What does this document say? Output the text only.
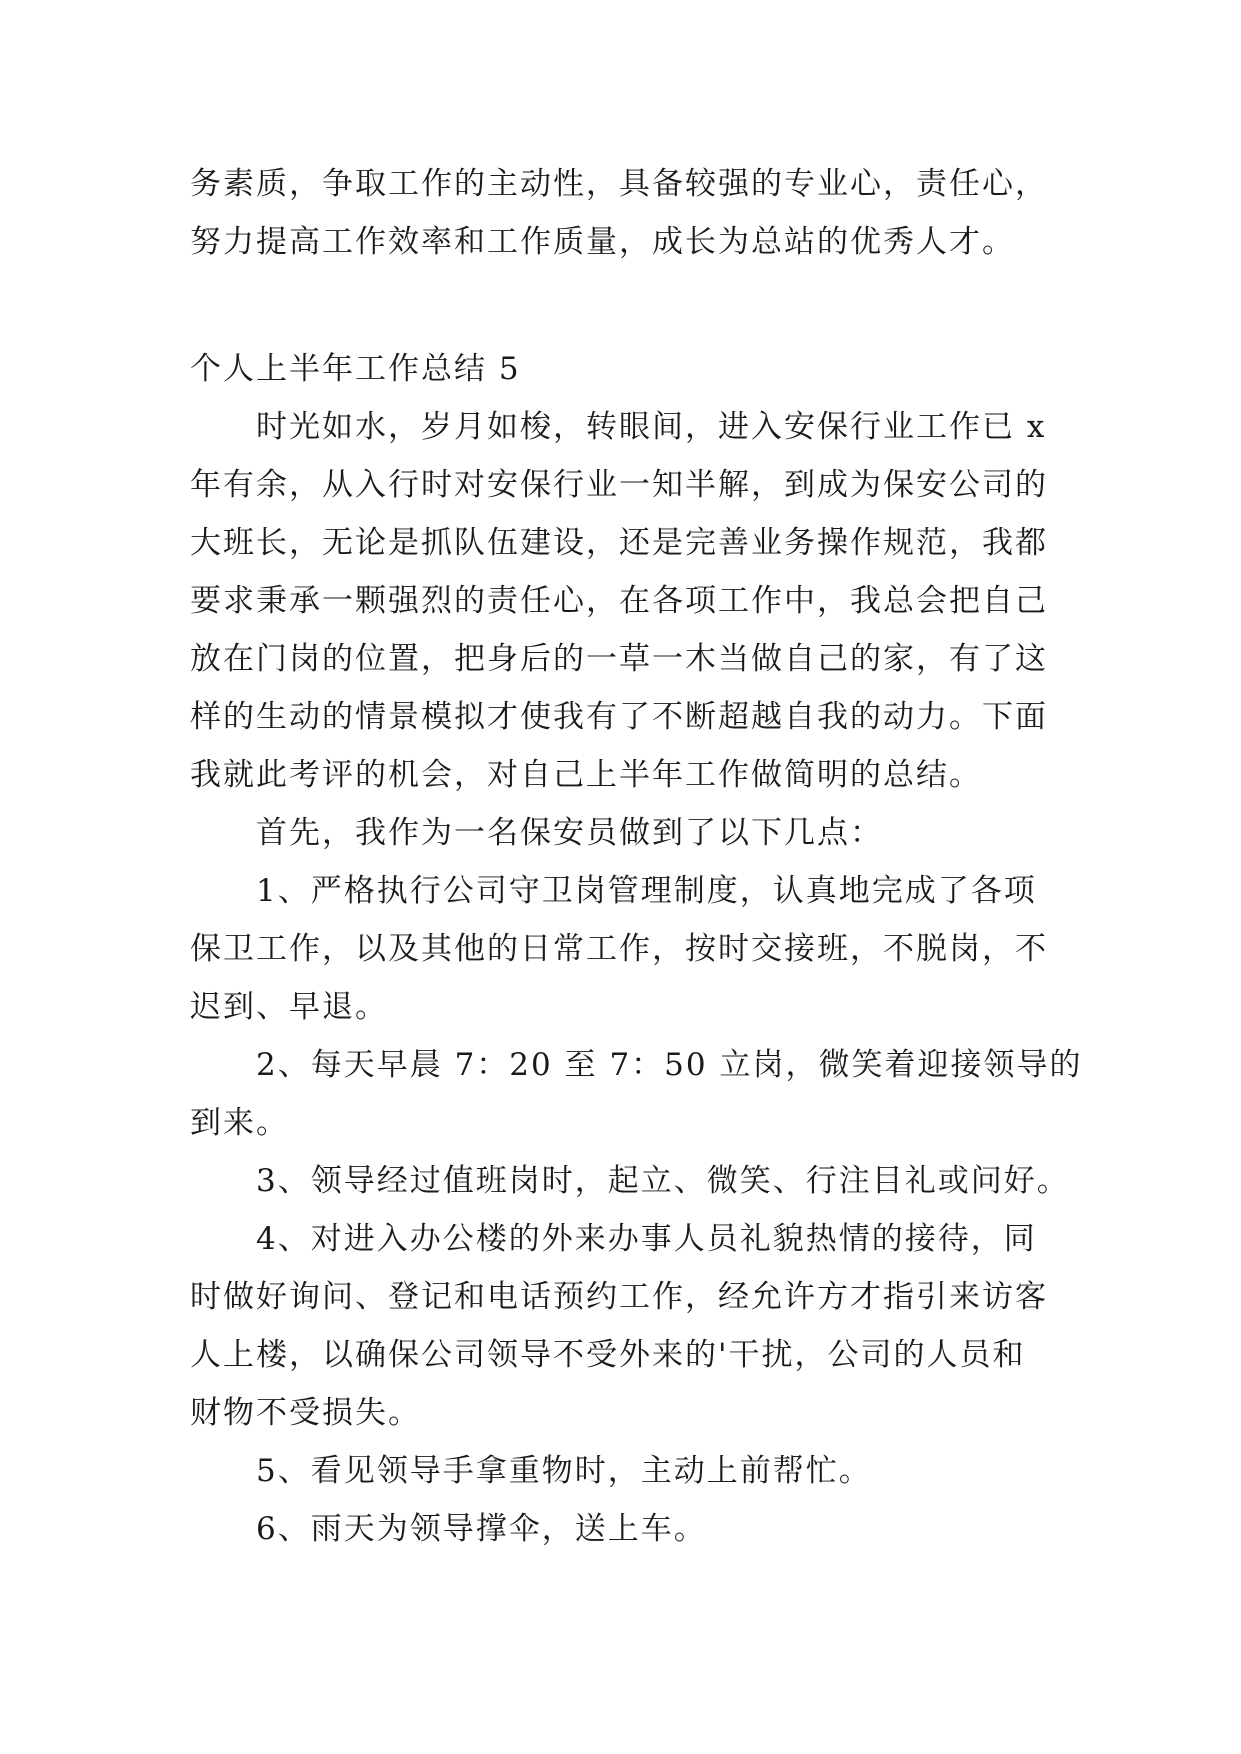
务素质，争取工作的主动性，具备较强的专业心，责任心，
努力提高工作效率和工作质量，成长为总站的优秀人才。
个人上半年工作总结 5
时光如水，岁月如梭，转眼间，进入安保行业工作已 x
年有余，从入行时对安保行业一知半解，到成为保安公司的
大班长，无论是抓队伍建设，还是完善业务操作规范，我都
要求秉承一颗强烈的责任心，在各项工作中，我总会把自己
放在门岗的位置，把身后的一草一木当做自己的家，有了这
样的生动的情景模拟才使我有了不断超越自我的动力。下面
我就此考评的机会，对自己上半年工作做简明的总结。
首先，我作为一名保安员做到了以下几点：
1、严格执行公司守卫岗管理制度，认真地完成了各项
保卫工作，以及其他的日常工作，按时交接班，不脱岗，不
迟到、早退。
2、每天早晨 7：20 至 7：50 立岗，微笑着迎接领导的
到来。
3、领导经过值班岗时，起立、微笑、行注目礼或问好。
4、对进入办公楼的外来办事人员礼貌热情的接待，同
时做好询问、登记和电话预约工作，经允许方才指引来访客
人上楼，以确保公司领导不受外来的'干扰，公司的人员和
财物不受损失。
5、看见领导手拿重物时，主动上前帮忙。
6、雨天为领导撑伞，送上车。
